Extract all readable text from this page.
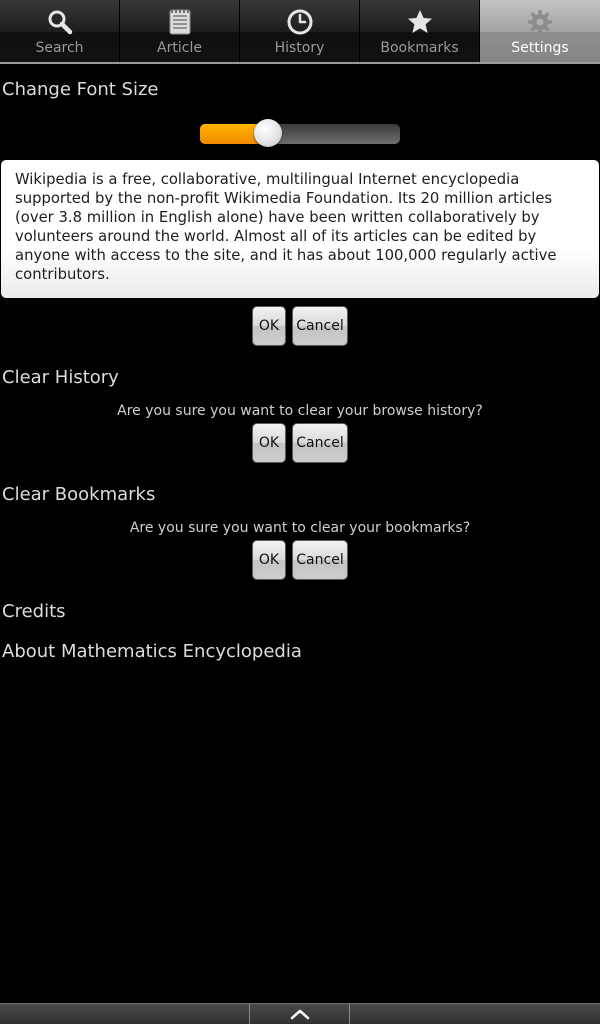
Search	Article	History	Bookmarks	Settings
Change Font Size
Wikipedia is a free, collaborative, multilingual Internet encyclopedia supported by the non-profit Wikimedia Foundation. Its 20 million articles (over 3.8 million in English alone) have been written collaboratively by volunteers around the world. Almost all of its articles can be edited by anyone with access to the site, and it has about 100,000 regularly active contributors.
OK	Cancel
Clear History
Are you sure you want to clear your browse history?
OK	Cancel
Clear Bookmarks
Are you sure you want to clear your bookmarks?
OK	Cancel
Credits
About Mathematics Encyclopedia
